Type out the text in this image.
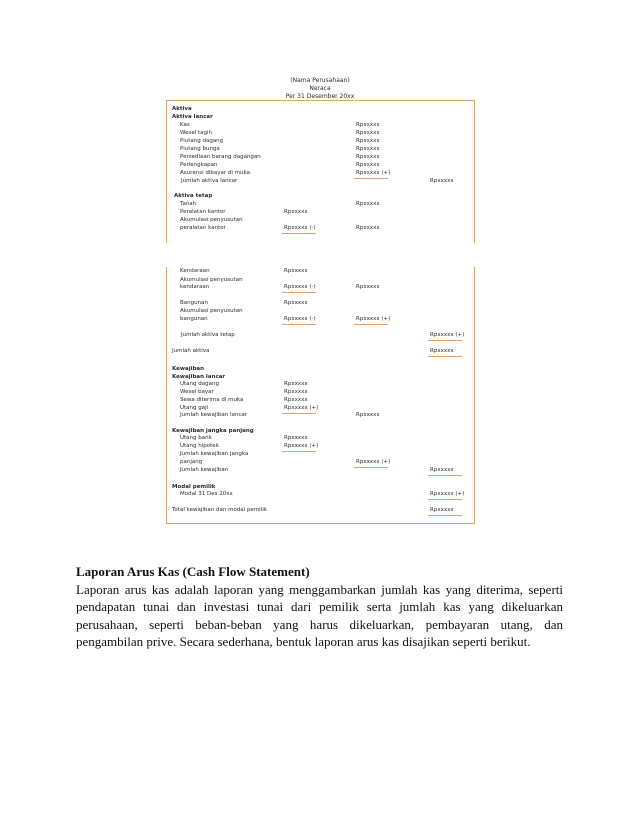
(Nama Perusahaan)
Neraca
Per 31 Desember 20xx
Aktiva
Aktiva lancar
Kas	Rpxxxxx
Wesel tagih	Rpxxxxx
Piutang dagang	Rpxxxxx
Piutang bunga	Rpxxxxx
Persediaan barang dagangan	Rpxxxxx
Perlengkapan	Rpxxxxx
Asuransi dibayar di muka	Rpxxxxx (+)
Jumlah aktiva lancar	Rpxxxxx
Aktiva tetap
Tanah	Rpxxxxx
Peralatan kantor	Rpxxxxx
Akumulasi penyusutan
peralatan kantor	Rpxxxxx (-)	Rpxxxxx
Kendaraan	Rpxxxxx
Akumulasi penyusutan
kendaraan	Rpxxxxx (-)	Rpxxxxx
Bangunan	Rpxxxxx
Akumulasi penyusutan
bangunan	Rpxxxxx (-)	Rpxxxxx (+)
Jumlah aktiva tetap	Rpxxxxx (+)
Jumlah aktiva	Rpxxxxx
Kewajiban
Kewajiban lancar
Utang dagang	Rpxxxxx
Wesel bayar	Rpxxxxx
Sewa diterima di muka	Rpxxxxx
Utang gaji	Rpxxxxx (+)
Jumlah kewajiban lancar	Rpxxxxx
Kewajiban jangka panjang
Utang bank	Rpxxxxx
Utang hipotek	Rpxxxxx (+)
Jumlah kewajiban jangka
panjang	Rpxxxxx (+)
Jumlah kewajiban	Rpxxxxx
Modal pemilik
Modal 31 Des 20xx	Rpxxxxx (+)
Total kewajiban dan modal pemilik	Rpxxxxx
Laporan Arus Kas (Cash Flow Statement)

Laporan arus kas adalah laporan yang menggambarkan jumlah kas yang diterima, seperti pendapatan tunai dan investasi tunai dari pemilik serta jumlah kas yang dikeluarkan perusahaan, seperti beban-beban yang harus dikeluarkan, pembayaran utang, dan pengambilan prive. Secara sederhana, bentuk laporan arus kas disajikan seperti berikut.
